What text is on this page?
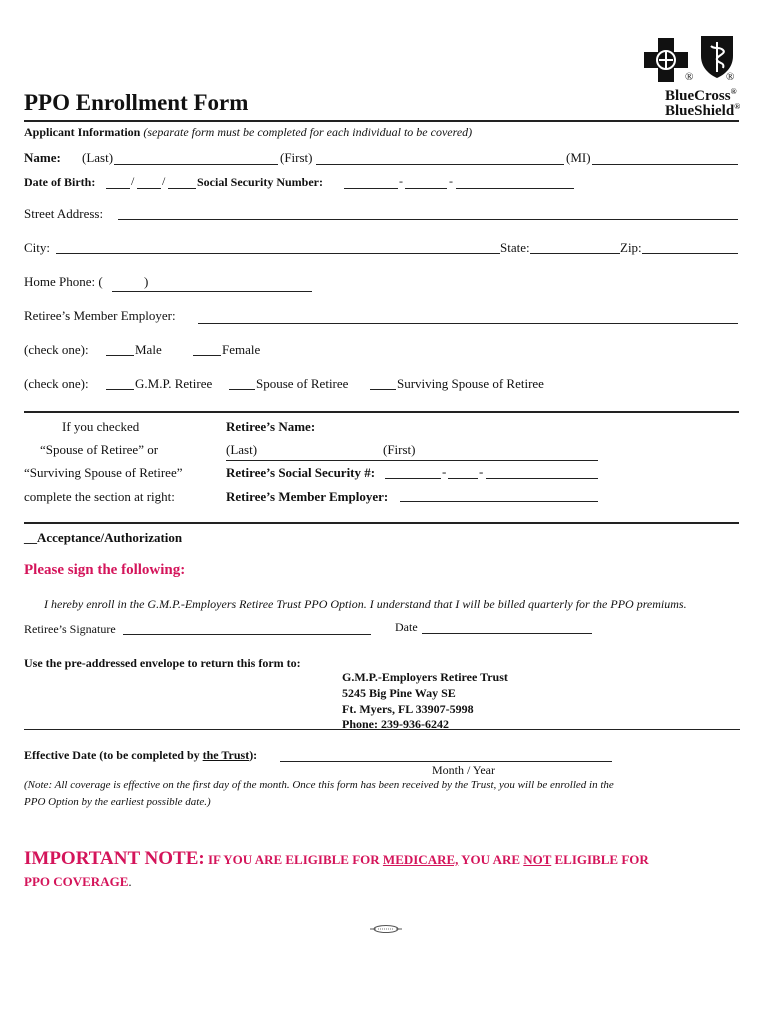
®	®
BlueCross®
BlueShield®
PPO Enrollment Form
Applicant Information (separate form must be completed for each individual to be covered)
Name: (Last)	(First)	(MI)
Date of Birth:	/ /	Social Security Number:	-	-
Street Address:
City:	State:	Zip:
Home Phone: (	)
Retiree’s Member Employer:
(check one):	Male	Female
(check one):	G.M.P. Retiree	Spouse of Retiree	Surviving Spouse of Retiree
If you checked
“Spouse of Retiree” or
“Surviving Spouse of Retiree”
complete the section at right:
Retiree’s Name:
(Last)	(First)
Retiree’s Social Security #:	-	-
Retiree’s Member Employer:
__Acceptance/Authorization
Please sign the following:
I hereby enroll in the G.M.P.-Employers Retiree Trust PPO Option. I understand that I will be billed quarterly for the PPO premiums.
Retiree’s Signature	Date
Use the pre-addressed envelope to return this form to:
G.M.P.-Employers Retiree Trust
5245 Big Pine Way SE
Ft. Myers, FL 33907-5998
Phone: 239-936-6242
Effective Date (to be completed by the Trust):
Month / Year
(Note: All coverage is effective on the first day of the month. Once this form has been received by the Trust, you will be enrolled in the
PPO Option by the earliest possible date.)
IMPORTANT NOTE: IF YOU ARE ELIGIBLE FOR MEDICARE, YOU ARE NOT ELIGIBLE FOR
PPO COVERAGE.
